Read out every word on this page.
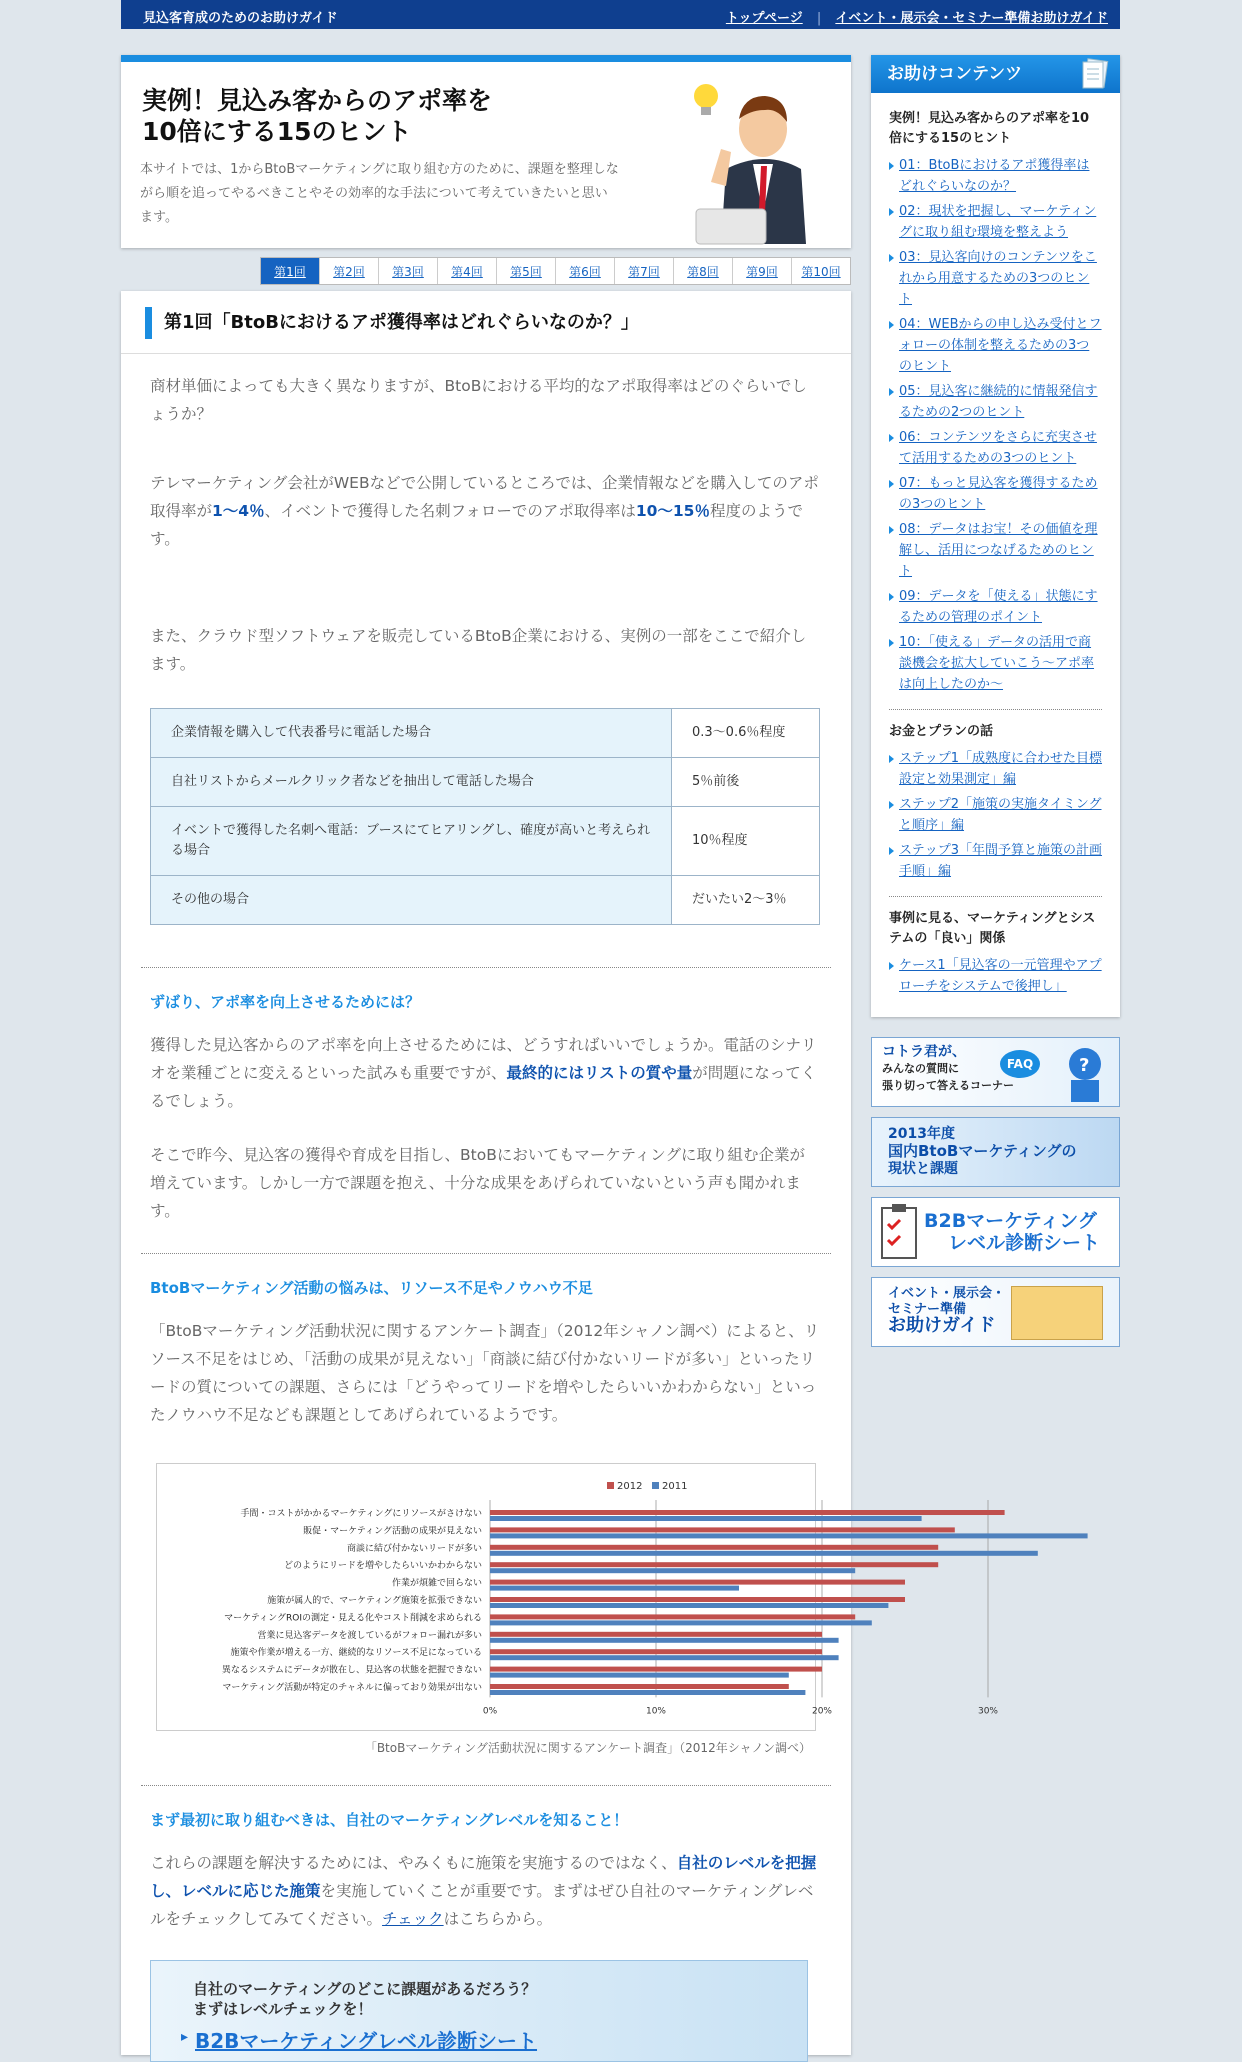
見込客育成のためのお助けガイド	トップページ | イベント・展示会・セミナー準備お助けガイド
実例！見込み客からのアポ率を
10倍にする15のヒント

本サイトでは、1からBtoBマーケティングに取り組む方のために、課題を整理しながら順を追ってやるべきことやその効率的な手法について考えていきたいと思います。

第1回	第2回	第3回	第4回	第5回	第6回	第7回	第8回	第9回	第10回
第1回「BtoBにおけるアポ獲得率はどれぐらいなのか？」

商材単価によっても大きく異なりますが、BtoBにおける平均的なアポ取得率はどのぐらいでしょうか？

テレマーケティング会社がWEBなどで公開しているところでは、企業情報などを購入してのアポ取得率が1～4％、イベントで獲得した名刺フォローでのアポ取得率は10～15％程度のようです。

また、クラウド型ソフトウェアを販売しているBtoB企業における、実例の一部をここで紹介します。

企業情報を購入して代表番号に電話した場合	0.3～0.6％程度
自社リストからメールクリック者などを抽出して電話した場合	5％前後
イベントで獲得した名刺へ電話：ブースにてヒアリングし、確度が高いと考えられる場合	10％程度
その他の場合	だいたい2～3％
ずばり、アポ率を向上させるためには？

獲得した見込客からのアポ率を向上させるためには、どうすればいいでしょうか。電話のシナリオを業種ごとに変えるといった試みも重要ですが、最終的にはリストの質や量が問題になってくるでしょう。

そこで昨今、見込客の獲得や育成を目指し、BtoBにおいてもマーケティングに取り組む企業が増えています。しかし一方で課題を抱え、十分な成果をあげられていないという声も聞かれます。

BtoBマーケティング活動の悩みは、リソース不足やノウハウ不足

「BtoBマーケティング活動状況に関するアンケート調査」（2012年シャノン調べ）によると、リソース不足をはじめ、「活動の成果が見えない」「商談に結び付かないリードが多い」といったリードの質についての課題、さらには「どうやってリードを増やしたらいいかわからない」といったノウハウ不足なども課題としてあげられているようです。

0%	10%	20%	30%
2012 2011
手間・コストがかかるマーケティングにリソースがさけない
販促・マーケティング活動の成果が見えない
商談に結び付かないリードが多い
どのようにリードを増やしたらいいかわからない
作業が煩雑で回らない
施策が属人的で、マーケティング施策を拡張できない
マーケティングROIの測定・見える化やコスト削減を求められる
営業に見込客データを渡しているがフォロー漏れが多い
施策や作業が増える一方、継続的なリソース不足になっている
異なるシステムにデータが散在し、見込客の状態を把握できない
マーケティング活動が特定のチャネルに偏っており効果が出ない
「BtoBマーケティング活動状況に関するアンケート調査」（2012年シャノン調べ）
まず最初に取り組むべきは、自社のマーケティングレベルを知ること！

これらの課題を解決するためには、やみくもに施策を実施するのではなく、自社のレベルを把握し、レベルに応じた施策を実施していくことが重要です。まずはぜひ自社のマーケティングレベルをチェックしてみてください。チェックはこちらから。

自社のマーケティングのどこに課題があるだろう？
まずはレベルチェックを！
▸ B2Bマーケティングレベル診断シート
お助けコンテンツ
実例！見込み客からのアポ率を10倍にする15のヒント
01：BtoBにおけるアポ獲得率はどれぐらいなのか？
02：現状を把握し、マーケティングに取り組む環境を整えよう
03：見込客向けのコンテンツをこれから用意するための3つのヒント
04：WEBからの申し込み受付とフォローの体制を整えるための3つのヒント
05：見込客に継続的に情報発信するための2つのヒント
06：コンテンツをさらに充実させて活用するための3つのヒント
07：もっと見込客を獲得するための3つのヒント
08：データはお宝！その価値を理解し、活用につなげるためのヒント
09：データを「使える」状態にするための管理のポイント
10：「使える」データの活用で商談機会を拡大していこう～アポ率は向上したのか～
お金とプランの話
ステップ1「成熟度に合わせた目標設定と効果測定」編
ステップ2「施策の実施タイミングと順序」編
ステップ3「年間予算と施策の計画手順」編
事例に見る、マーケティングとシステムの「良い」関係
ケース1「見込客の一元管理やアプローチをシステムで後押し」
コトラ君が、
みんなの質問に
張り切って答えるコーナー
FAQ	?
2013年度
国内BtoBマーケティングの
現状と課題
B2Bマーケティング
レベル診断シート
イベント・展示会・
セミナー準備
お助けガイド
